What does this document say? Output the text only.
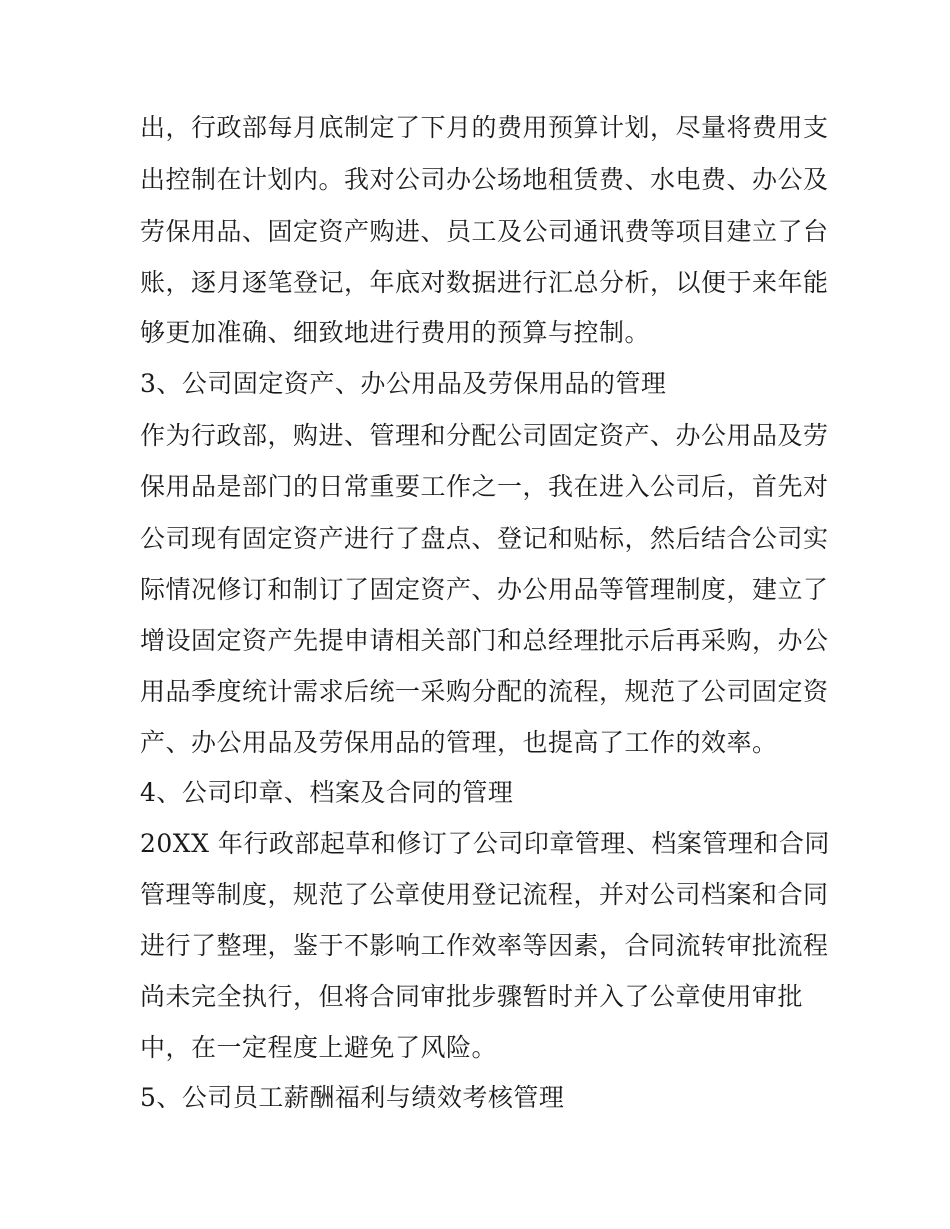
出，行政部每月底制定了下月的费用预算计划，尽量将费用支
出控制在计划内。我对公司办公场地租赁费、水电费、办公及
劳保用品、固定资产购进、员工及公司通讯费等项目建立了台
账，逐月逐笔登记，年底对数据进行汇总分析，以便于来年能
够更加准确、细致地进行费用的预算与控制。
3、公司固定资产、办公用品及劳保用品的管理
作为行政部，购进、管理和分配公司固定资产、办公用品及劳
保用品是部门的日常重要工作之一，我在进入公司后，首先对
公司现有固定资产进行了盘点、登记和贴标，然后结合公司实
际情况修订和制订了固定资产、办公用品等管理制度，建立了
增设固定资产先提申请相关部门和总经理批示后再采购，办公
用品季度统计需求后统一采购分配的流程，规范了公司固定资
产、办公用品及劳保用品的管理，也提高了工作的效率。
4、公司印章、档案及合同的管理
20XX 年行政部起草和修订了公司印章管理、档案管理和合同
管理等制度，规范了公章使用登记流程，并对公司档案和合同
进行了整理，鉴于不影响工作效率等因素，合同流转审批流程
尚未完全执行，但将合同审批步骤暂时并入了公章使用审批
中，在一定程度上避免了风险。
5、公司员工薪酬福利与绩效考核管理
